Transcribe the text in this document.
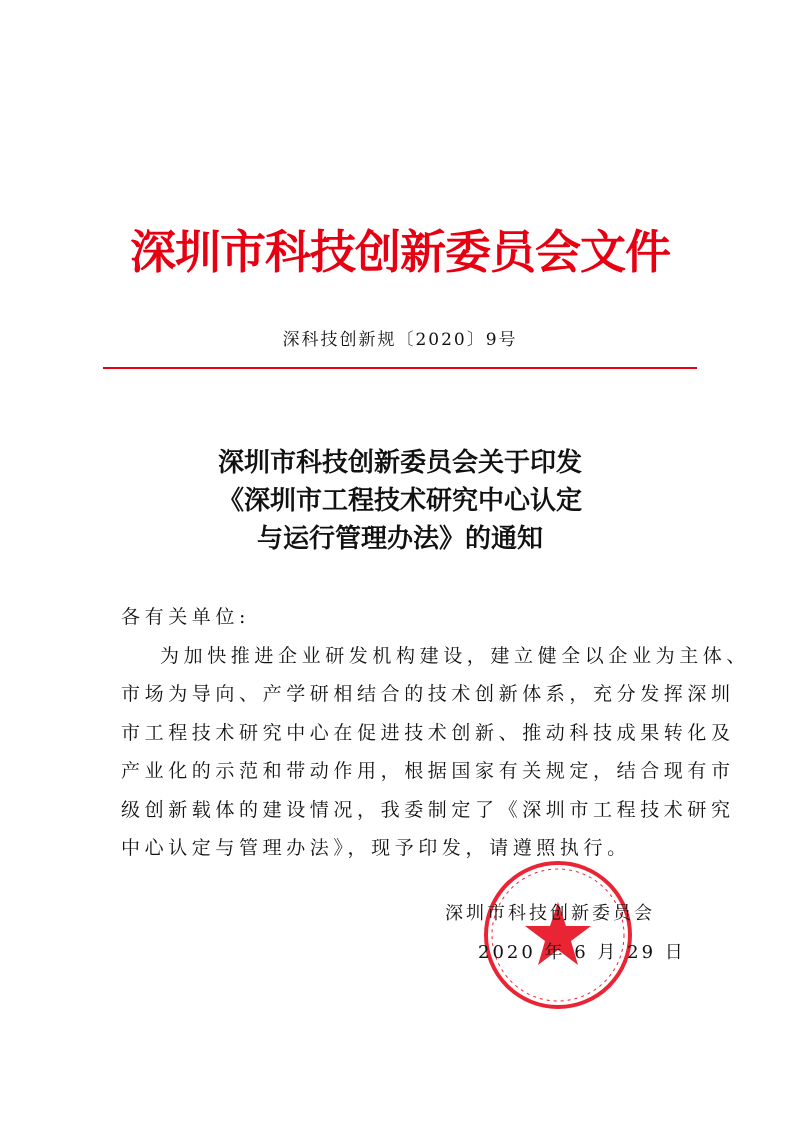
深圳市科技创新委员会文件
深科技创新规〔2020〕9号
深圳市科技创新委员会关于印发
《深圳市工程技术研究中心认定
与运行管理办法》的通知
各有关单位:
为加快推进企业研发机构建设，建立健全以企业为主体、
市场为导向、产学研相结合的技术创新体系，充分发挥深圳
市工程技术研究中心在促进技术创新、推动科技成果转化及
产业化的示范和带动作用，根据国家有关规定，结合现有市
级创新载体的建设情况，我委制定了《深圳市工程技术研究
中心认定与管理办法》，现予印发，请遵照执行。
深圳市科技创新委员会
2020 年 6 月 29 日
